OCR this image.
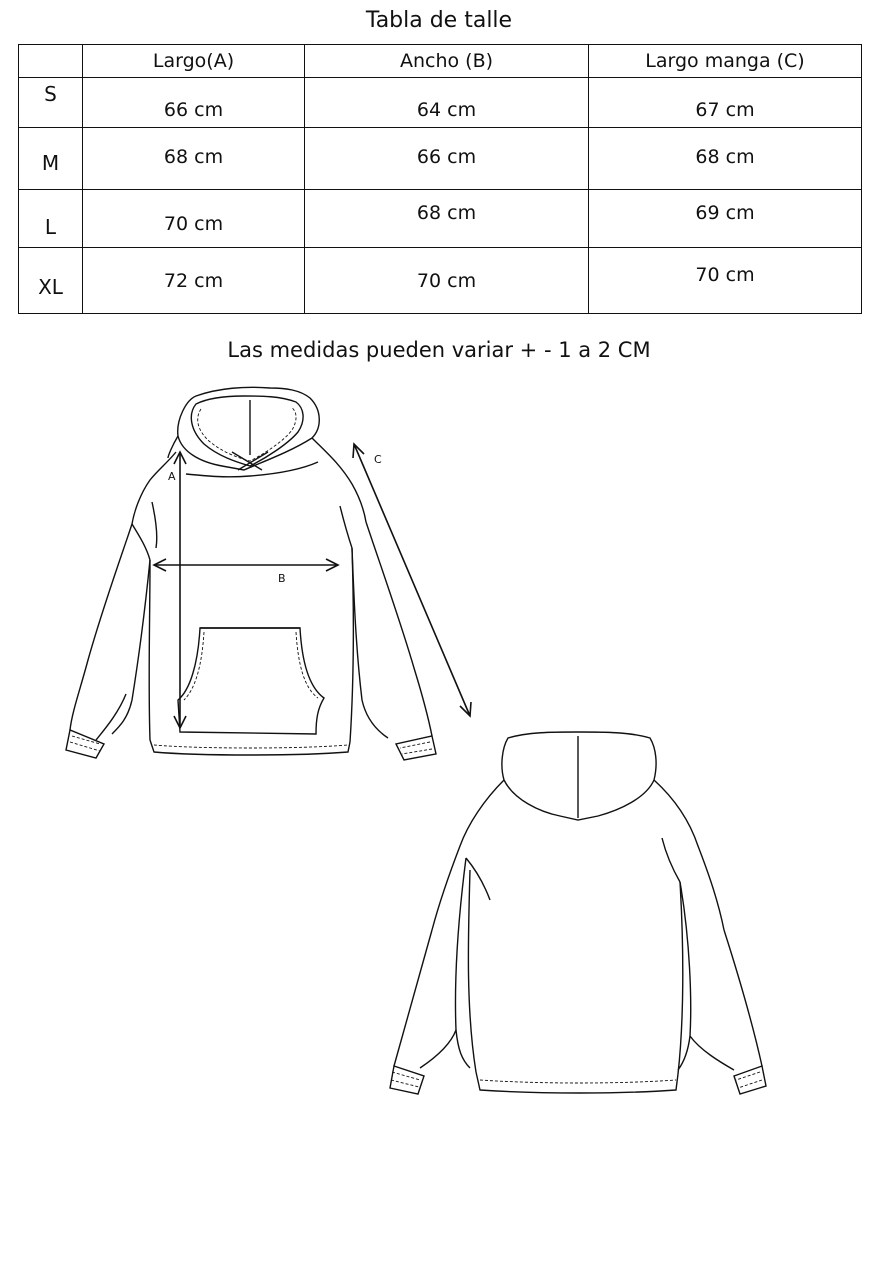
Tabla de talle
	Largo(A)	Ancho (B)	Largo manga (C)
S	66 cm	64 cm	67 cm
M	68 cm	66 cm	68 cm
L	70 cm	68 cm	69 cm
XL	72 cm	70 cm	70 cm
Las medidas pueden variar + - 1 a 2 CM
A
B
C
